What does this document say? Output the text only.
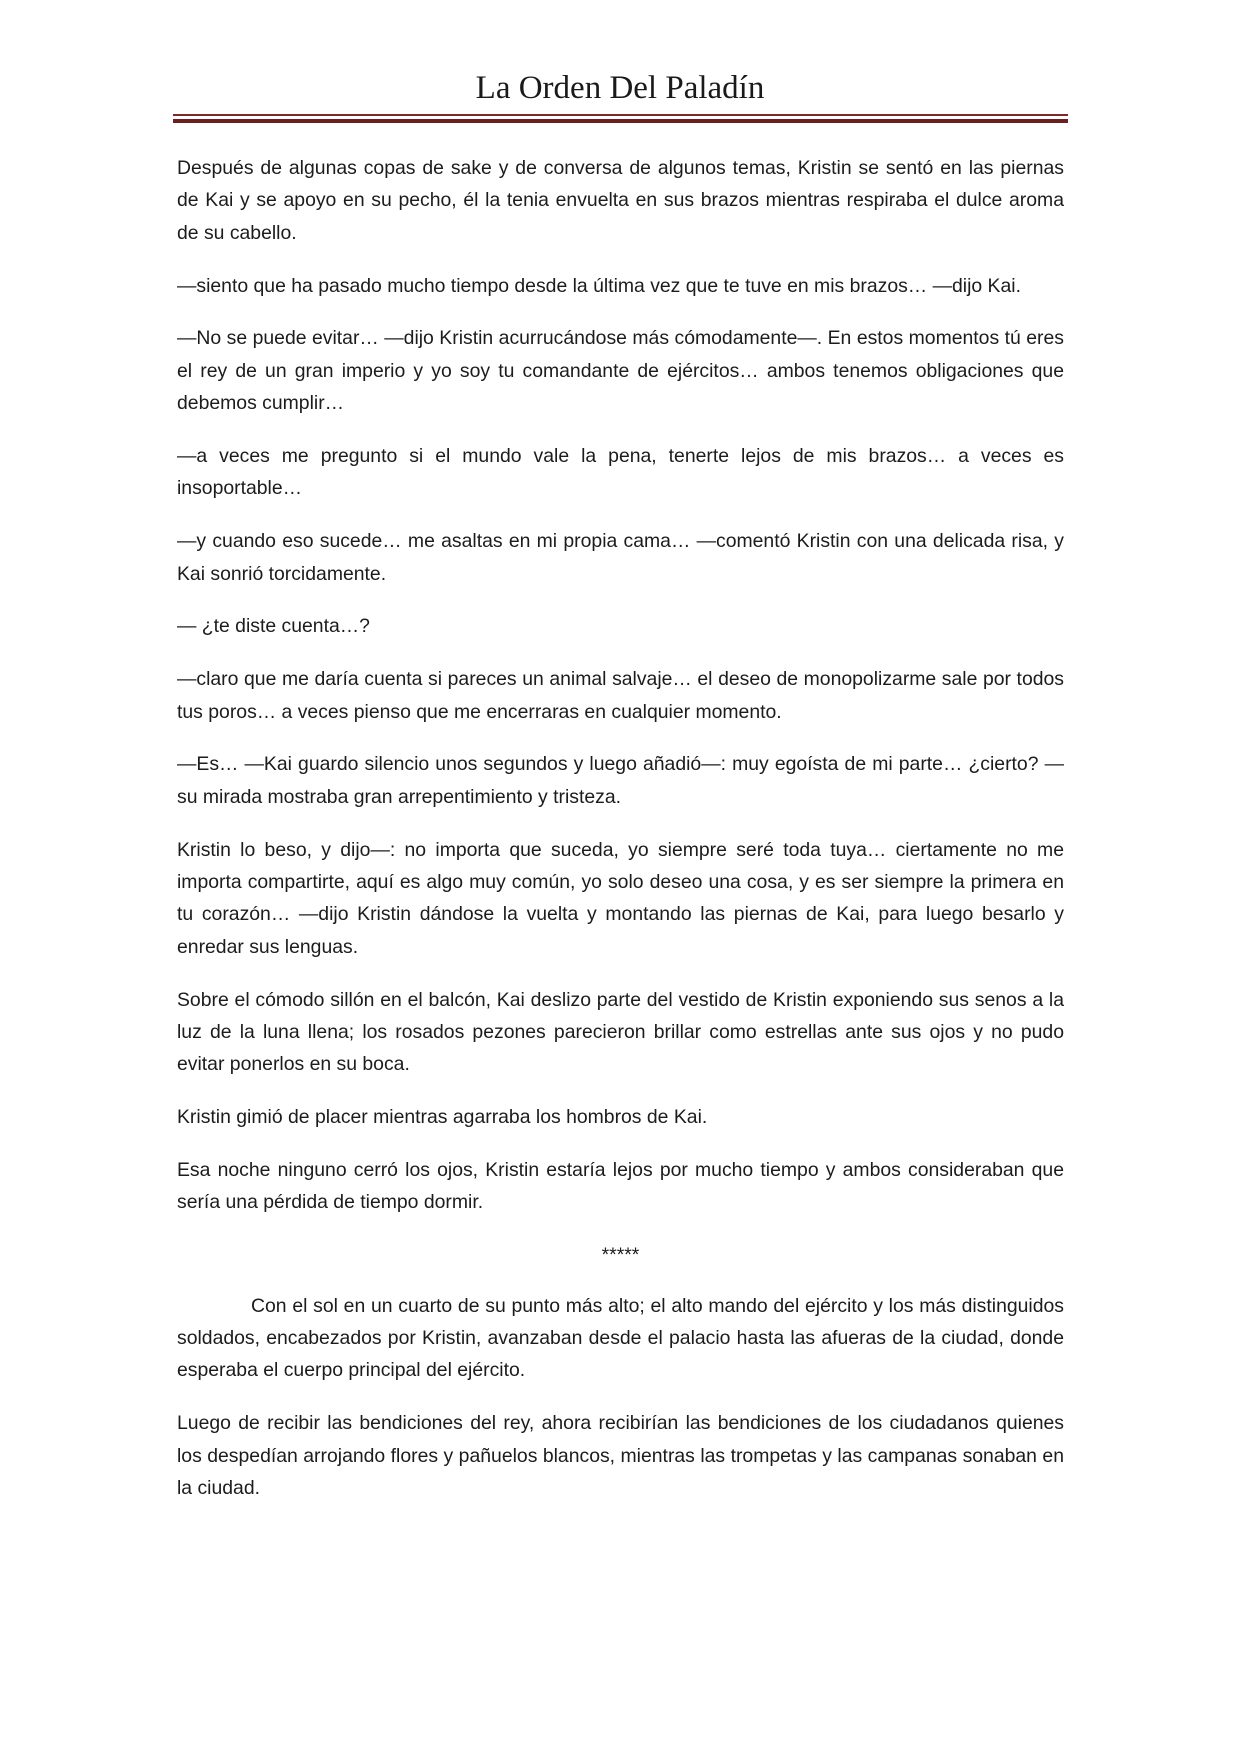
La Orden Del Paladín

Después de algunas copas de sake y de conversa de algunos temas, Kristin se sentó en las piernas de Kai y se apoyo en su pecho, él la tenia envuelta en sus brazos mientras respiraba el dulce aroma de su cabello.

—siento que ha pasado mucho tiempo desde la última vez que te tuve en mis brazos… —dijo Kai.

—No se puede evitar… —dijo Kristin acurrucándose más cómodamente—. En estos momentos tú eres el rey de un gran imperio y yo soy tu comandante de ejércitos… ambos tenemos obligaciones que debemos cumplir…

—a veces me pregunto si el mundo vale la pena, tenerte lejos de mis brazos… a veces es insoportable…

—y cuando eso sucede… me asaltas en mi propia cama… —comentó Kristin con una delicada risa, y Kai sonrió torcidamente.

— ¿te diste cuenta…?

—claro que me daría cuenta si pareces un animal salvaje… el deseo de monopolizarme sale por todos tus poros… a veces pienso que me encerraras en cualquier momento.

—Es… —Kai guardo silencio unos segundos y luego añadió—: muy egoísta de mi parte… ¿cierto? —su mirada mostraba gran arrepentimiento y tristeza.

Kristin lo beso, y dijo—: no importa que suceda, yo siempre seré toda tuya… ciertamente no me importa compartirte, aquí es algo muy común, yo solo deseo una cosa, y es ser siempre la primera en tu corazón… —dijo Kristin dándose la vuelta y montando las piernas de Kai, para luego besarlo y enredar sus lenguas.

Sobre el cómodo sillón en el balcón, Kai deslizo parte del vestido de Kristin exponiendo sus senos a la luz de la luna llena; los rosados pezones parecieron brillar como estrellas ante sus ojos y no pudo evitar ponerlos en su boca.

Kristin gimió de placer mientras agarraba los hombros de Kai.

Esa noche ninguno cerró los ojos, Kristin estaría lejos por mucho tiempo y ambos consideraban que sería una pérdida de tiempo dormir.

*****

Con el sol en un cuarto de su punto más alto; el alto mando del ejército y los más distinguidos soldados, encabezados por Kristin, avanzaban desde el palacio hasta las afueras de la ciudad, donde esperaba el cuerpo principal del ejército.

Luego de recibir las bendiciones del rey, ahora recibirían las bendiciones de los ciudadanos quienes los despedían arrojando flores y pañuelos blancos, mientras las trompetas y las campanas sonaban en la ciudad.
